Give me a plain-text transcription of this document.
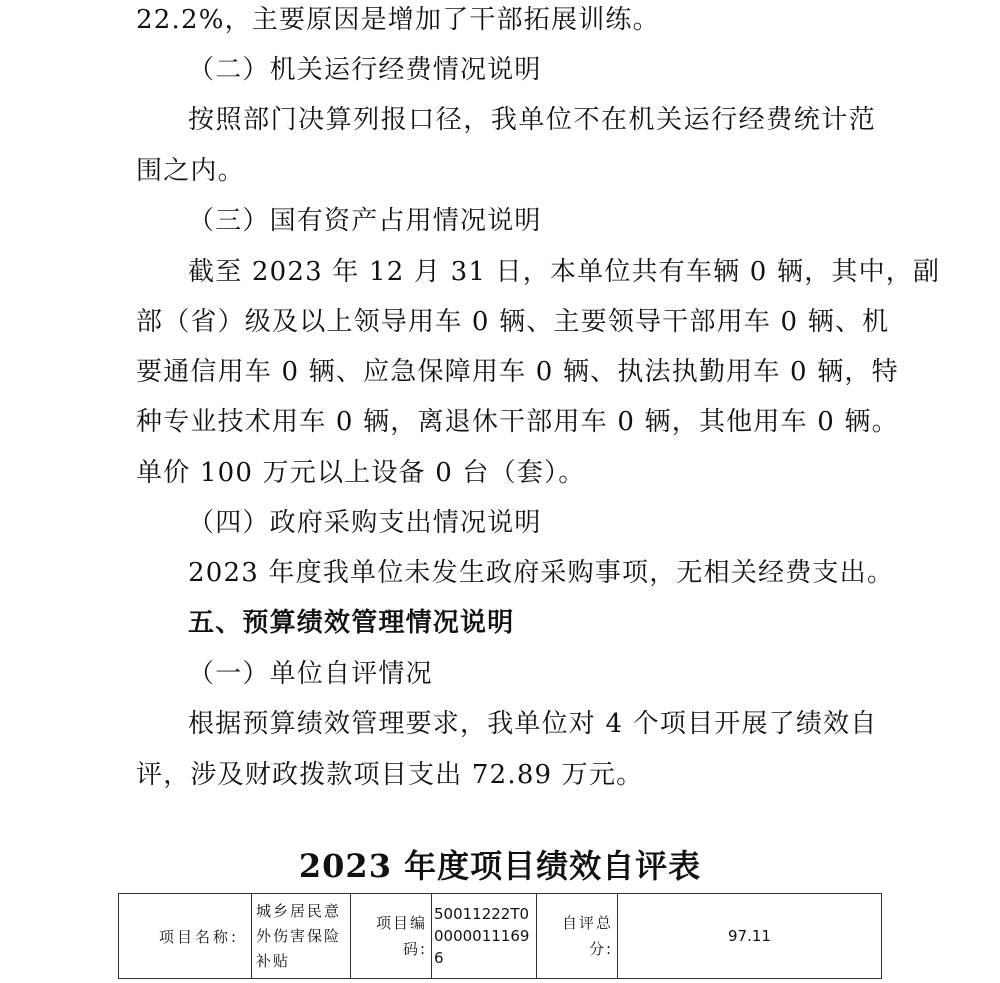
22.2%，主要原因是增加了干部拓展训练。
（二）机关运行经费情况说明
按照部门决算列报口径，我单位不在机关运行经费统计范
围之内。
（三）国有资产占用情况说明
截至 2023 年 12 月 31 日，本单位共有车辆 0 辆，其中，副
部（省）级及以上领导用车 0 辆、主要领导干部用车 0 辆、机
要通信用车 0 辆、应急保障用车 0 辆、执法执勤用车 0 辆，特
种专业技术用车 0 辆，离退休干部用车 0 辆，其他用车 0 辆。
单价 100 万元以上设备 0 台（套）。
（四）政府采购支出情况说明
2023 年度我单位未发生政府采购事项，无相关经费支出。
五、预算绩效管理情况说明
（一）单位自评情况
根据预算绩效管理要求，我单位对 4 个项目开展了绩效自
评，涉及财政拨款项目支出 72.89 万元。
2023 年度项目绩效自评表
项目名称:	城乡居民意外伤害保险补贴	项目编码:	50011222T000000111696	自评总分:	97.11
